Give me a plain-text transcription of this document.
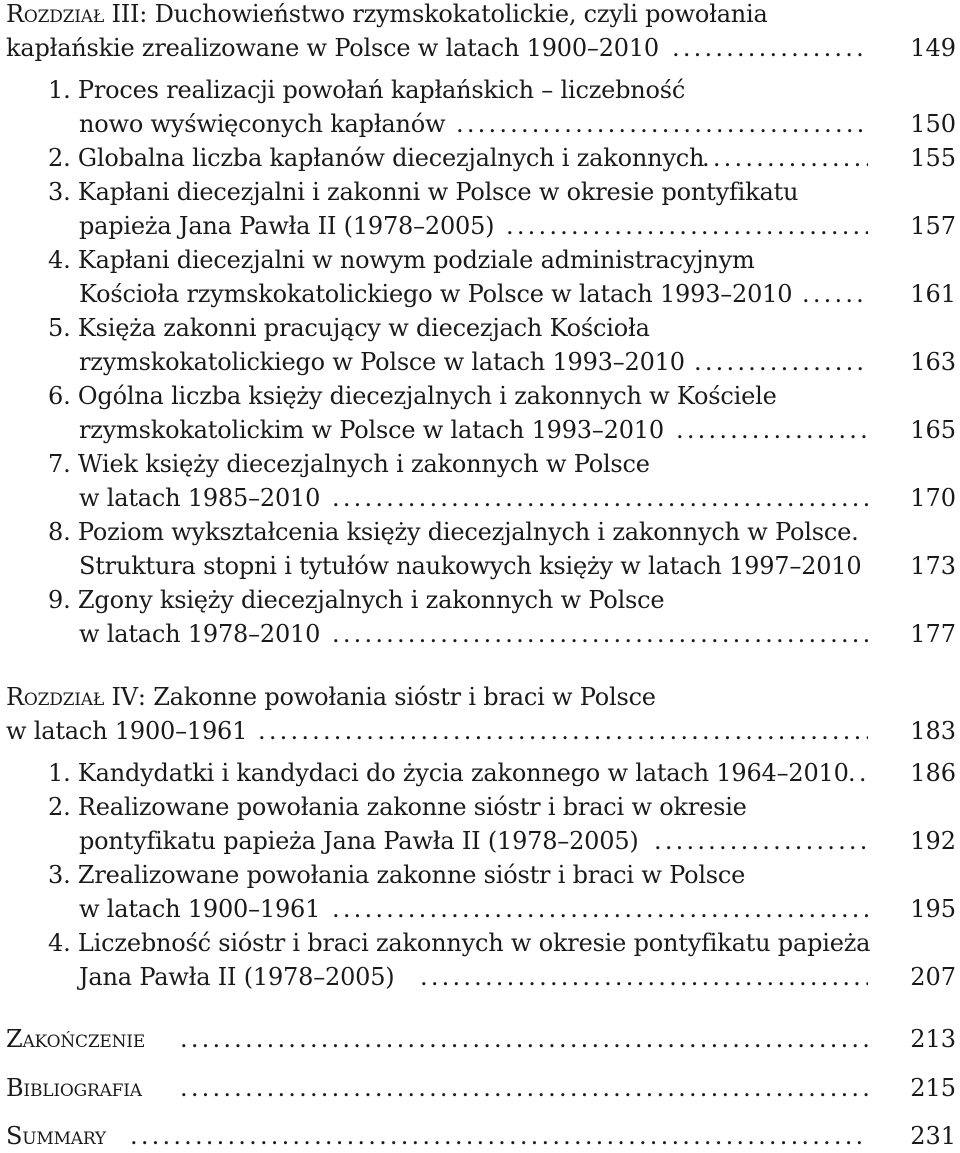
Rozdział III: Duchowieństwo rzymskokatolickie, czyli powołania
kapłańskie zrealizowane w Polsce w latach 1900–2010 .....	149
1. Proces realizacji powołań kapłańskich – liczebność
nowo wyświęconych kapłanów .....	150
2. Globalna liczba kapłanów diecezjalnych i zakonnych .....	155
3. Kapłani diecezjalni i zakonni w Polsce w okresie pontyfikatu
papieża Jana Pawła II (1978–2005) .....	157
4. Kapłani diecezjalni w nowym podziale administracyjnym
Kościoła rzymskokatolickiego w Polsce w latach 1993–2010 .....	161
5. Księża zakonni pracujący w diecezjach Kościoła
rzymskokatolickiego w Polsce w latach 1993–2010 .....	163
6. Ogólna liczba księży diecezjalnych i zakonnych w Kościele
rzymskokatolickim w Polsce w latach 1993–2010 .....	165
7. Wiek księży diecezjalnych i zakonnych w Polsce
w latach 1985–2010 .....	170
8. Poziom wykształcenia księży diecezjalnych i zakonnych w Polsce.
Struktura stopni i tytułów naukowych księży w latach 1997–2010 173
9. Zgony księży diecezjalnych i zakonnych w Polsce
w latach 1978–2010 .....	177
Rozdział IV: Zakonne powołania sióstr i braci w Polsce
w latach 1900–1961 .....	183
1. Kandydatki i kandydaci do życia zakonnego w latach 1964–2010 .....	186
2. Realizowane powołania zakonne sióstr i braci w okresie
pontyfikatu papieża Jana Pawła II (1978–2005) .....	192
3. Zrealizowane powołania zakonne sióstr i braci w Polsce
w latach 1900–1961 .....	195
4. Liczebność sióstr i braci zakonnych w okresie pontyfikatu papieża
Jana Pawła II (1978–2005) .....	207
Zakończenie .....	213
Bibliografia .....	215
Summary .....	231
